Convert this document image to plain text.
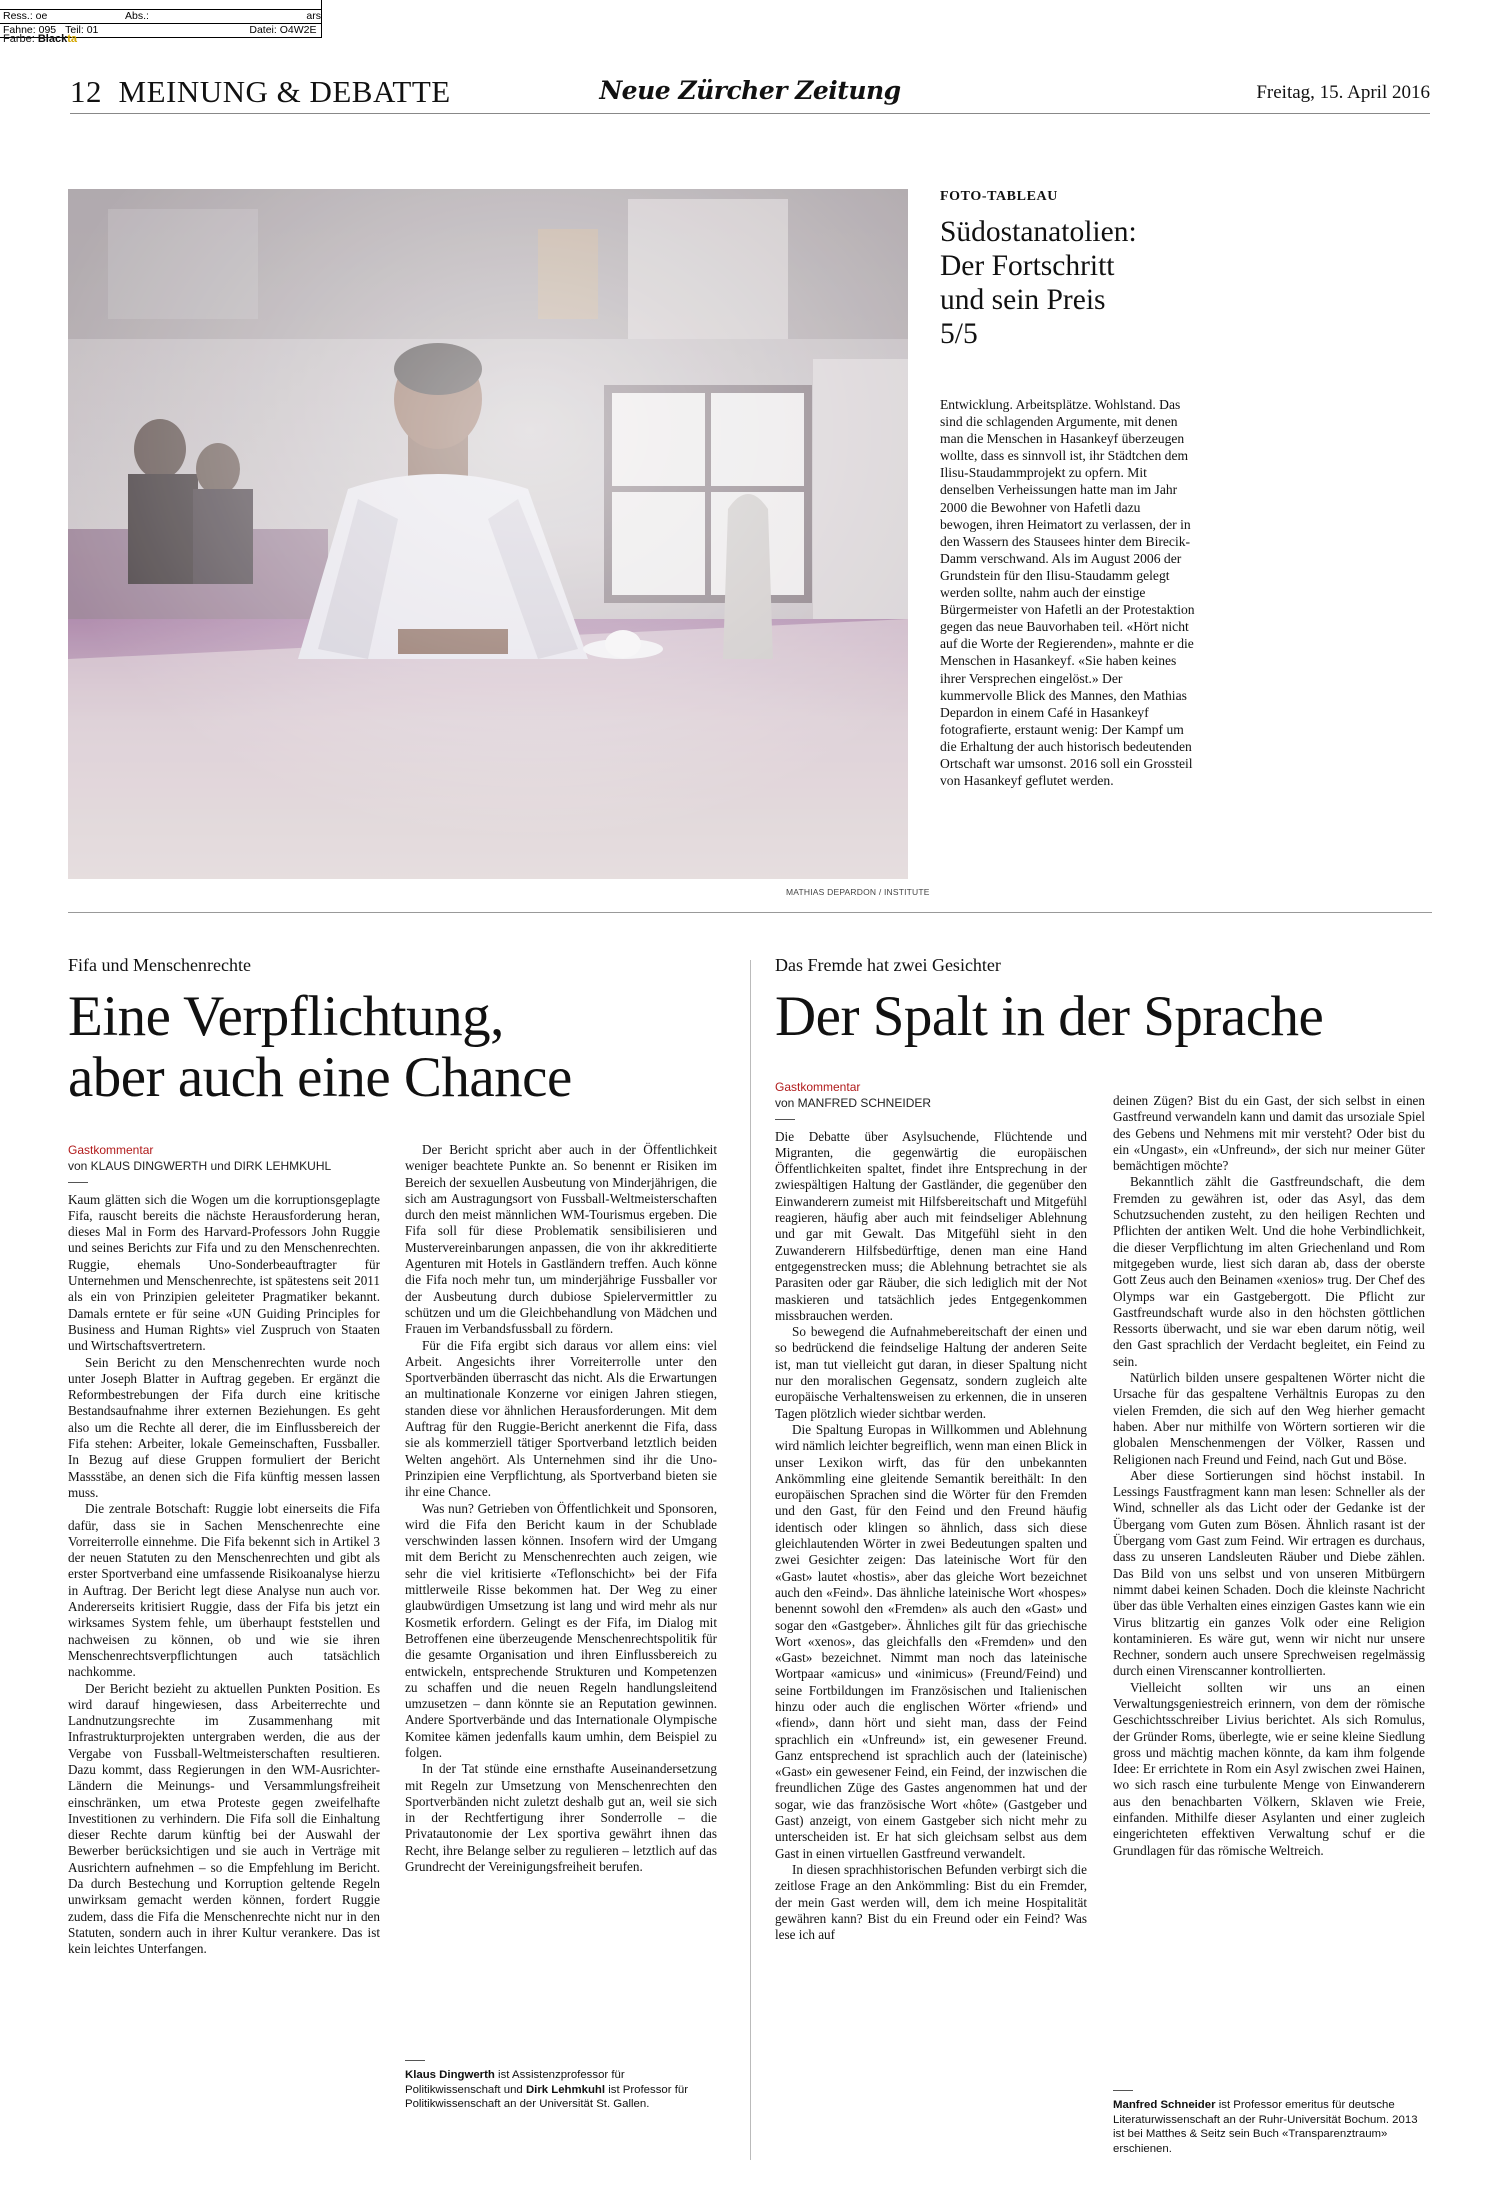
Ress.: oe	Abs.:	ars
Fahne: 095 Teil: 01	Datei: O4W2E
Farbe: Blackta
12  MEINUNG & DEBATTE	Neue Zürcher Zeitung	Freitag, 15. April 2016
MATHIAS DEPARDON / INSTITUTE
FOTO-TABLEAU
Südostanatolien:
Der Fortschritt
und sein Preis
5/5

Entwicklung. Arbeitsplätze. Wohlstand. Das sind die schlagenden Argumente, mit denen man die Menschen in Hasankeyf überzeugen wollte, dass es sinnvoll ist, ihr Städtchen dem Ilisu-Staudammprojekt zu opfern. Mit denselben Verheissungen hatte man im Jahr 2000 die Bewohner von Hafetli dazu bewogen, ihren Heimatort zu verlassen, der in den Wassern des Stausees hinter dem Birecik-Damm verschwand. Als im August 2006 der Grundstein für den Ilisu-Staudamm gelegt werden sollte, nahm auch der einstige Bürgermeister von Hafetli an der Protestaktion gegen das neue Bauvorhaben teil. «Hört nicht auf die Worte der Regierenden», mahnte er die Menschen in Hasankeyf. «Sie haben keines ihrer Versprechen eingelöst.» Der kummervolle Blick des Mannes, den Mathias Depardon in einem Café in Hasankeyf fotografierte, erstaunt wenig: Der Kampf um die Erhaltung der auch historisch bedeutenden Ortschaft war umsonst. 2016 soll ein Grossteil von Hasankeyf geflutet werden.

Fifa und Menschenrechte
Eine Verpflichtung,
aber auch eine Chance
Gastkommentar
von KLAUS DINGWERTH und DIRK LEHMKUHL

Kaum glätten sich die Wogen um die korruptionsgeplagte Fifa, rauscht bereits die nächste Herausforderung heran, dieses Mal in Form des Harvard-Professors John Ruggie und seines Berichts zur Fifa und zu den Menschenrechten. Ruggie, ehemals Uno-Sonderbeauftragter für Unternehmen und Menschenrechte, ist spätestens seit 2011 als ein von Prinzipien geleiteter Pragmatiker bekannt. Damals erntete er für seine «UN Guiding Principles for Business and Human Rights» viel Zuspruch von Staaten und Wirtschaftsvertretern.

Sein Bericht zu den Menschenrechten wurde noch unter Joseph Blatter in Auftrag gegeben. Er ergänzt die Reformbestrebungen der Fifa durch eine kritische Bestandsaufnahme ihrer externen Beziehungen. Es geht also um die Rechte all derer, die im Einflussbereich der Fifa stehen: Arbeiter, lokale Gemeinschaften, Fussballer. In Bezug auf diese Gruppen formuliert der Bericht Massstäbe, an denen sich die Fifa künftig messen lassen muss.

Die zentrale Botschaft: Ruggie lobt einerseits die Fifa dafür, dass sie in Sachen Menschenrechte eine Vorreiterrolle einnehme. Die Fifa bekennt sich in Artikel 3 der neuen Statuten zu den Menschenrechten und gibt als erster Sportverband eine umfassende Risikoanalyse hierzu in Auftrag. Der Bericht legt diese Analyse nun auch vor. Andererseits kritisiert Ruggie, dass der Fifa bis jetzt ein wirksames System fehle, um überhaupt feststellen und nachweisen zu können, ob und wie sie ihren Menschenrechtsverpflichtungen auch tatsächlich nachkomme.

Der Bericht bezieht zu aktuellen Punkten Position. Es wird darauf hingewiesen, dass Arbeiterrechte und Landnutzungsrechte im Zusammenhang mit Infrastrukturprojekten untergraben werden, die aus der Vergabe von Fussball-Weltmeisterschaften resultieren. Dazu kommt, dass Regierungen in den WM-Ausrichter-Ländern die Meinungs- und Versammlungsfreiheit einschränken, um etwa Proteste gegen zweifelhafte Investitionen zu verhindern. Die Fifa soll die Einhaltung dieser Rechte darum künftig bei der Auswahl der Bewerber berücksichtigen und sie auch in Verträge mit Ausrichtern aufnehmen – so die Empfehlung im Bericht. Da durch Bestechung und Korruption geltende Regeln unwirksam gemacht werden können, fordert Ruggie zudem, dass die Fifa die Menschenrechte nicht nur in den Statuten, sondern auch in ihrer Kultur verankere. Das ist kein leichtes Unterfangen.

Der Bericht spricht aber auch in der Öffentlichkeit weniger beachtete Punkte an. So benennt er Risiken im Bereich der sexuellen Ausbeutung von Minderjährigen, die sich am Austragungsort von Fussball-Weltmeisterschaften durch den meist männlichen WM-Tourismus ergeben. Die Fifa soll für diese Problematik sensibilisieren und Mustervereinbarungen anpassen, die von ihr akkreditierte Agenturen mit Hotels in Gastländern treffen. Auch könne die Fifa noch mehr tun, um minderjährige Fussballer vor der Ausbeutung durch dubiose Spielervermittler zu schützen und um die Gleichbehandlung von Mädchen und Frauen im Verbandsfussball zu fördern.

Für die Fifa ergibt sich daraus vor allem eins: viel Arbeit. Angesichts ihrer Vorreiterrolle unter den Sportverbänden überrascht das nicht. Als die Erwartungen an multinationale Konzerne vor einigen Jahren stiegen, standen diese vor ähnlichen Herausforderungen. Mit dem Auftrag für den Ruggie-Bericht anerkennt die Fifa, dass sie als kommerziell tätiger Sportverband letztlich beiden Welten angehört. Als Unternehmen sind ihr die Uno-Prinzipien eine Verpflichtung, als Sportverband bieten sie ihr eine Chance.

Was nun? Getrieben von Öffentlichkeit und Sponsoren, wird die Fifa den Bericht kaum in der Schublade verschwinden lassen können. Insofern wird der Umgang mit dem Bericht zu Menschenrechten auch zeigen, wie sehr die viel kritisierte «Teflonschicht» bei der Fifa mittlerweile Risse bekommen hat. Der Weg zu einer glaubwürdigen Umsetzung ist lang und wird mehr als nur Kosmetik erfordern. Gelingt es der Fifa, im Dialog mit Betroffenen eine überzeugende Menschenrechtspolitik für die gesamte Organisation und ihren Einflussbereich zu entwickeln, entsprechende Strukturen und Kompetenzen zu schaffen und die neuen Regeln handlungsleitend umzusetzen – dann könnte sie an Reputation gewinnen. Andere Sportverbände und das Internationale Olympische Komitee kämen jedenfalls kaum umhin, dem Beispiel zu folgen.

In der Tat stünde eine ernsthafte Auseinandersetzung mit Regeln zur Umsetzung von Menschenrechten den Sportverbänden nicht zuletzt deshalb gut an, weil sie sich in der Rechtfertigung ihrer Sonderrolle – die Privatautonomie der Lex sportiva gewährt ihnen das Recht, ihre Belange selber zu regulieren – letztlich auf das Grundrecht der Vereinigungsfreiheit berufen.

Klaus Dingwerth ist Assistenzprofessor für Politikwissenschaft und Dirk Lehmkuhl ist Professor für Politikwissenschaft an der Universität St. Gallen.
Das Fremde hat zwei Gesichter
Der Spalt in der Sprache
Gastkommentar
von MANFRED SCHNEIDER

Die Debatte über Asylsuchende, Flüchtende und Migranten, die gegenwärtig die europäischen Öffentlichkeiten spaltet, findet ihre Entsprechung in der zwiespältigen Haltung der Gastländer, die gegenüber den Einwanderern zumeist mit Hilfsbereitschaft und Mitgefühl reagieren, häufig aber auch mit feindseliger Ablehnung und gar mit Gewalt. Das Mitgefühl sieht in den Zuwanderern Hilfsbedürftige, denen man eine Hand entgegenstrecken muss; die Ablehnung betrachtet sie als Parasiten oder gar Räuber, die sich lediglich mit der Not maskieren und tatsächlich jedes Entgegenkommen missbrauchen werden.

So bewegend die Aufnahmebereitschaft der einen und so bedrückend die feindselige Haltung der anderen Seite ist, man tut vielleicht gut daran, in dieser Spaltung nicht nur den moralischen Gegensatz, sondern zugleich alte europäische Verhaltensweisen zu erkennen, die in unseren Tagen plötzlich wieder sichtbar werden.

Die Spaltung Europas in Willkommen und Ablehnung wird nämlich leichter begreiflich, wenn man einen Blick in unser Lexikon wirft, das für den unbekannten Ankömmling eine gleitende Semantik bereithält: In den europäischen Sprachen sind die Wörter für den Fremden und den Gast, für den Feind und den Freund häufig identisch oder klingen so ähnlich, dass sich diese gleichlautenden Wörter in zwei Bedeutungen spalten und zwei Gesichter zeigen: Das lateinische Wort für den «Gast» lautet «hostis», aber das gleiche Wort bezeichnet auch den «Feind». Das ähnliche lateinische Wort «hospes» benennt sowohl den «Fremden» als auch den «Gast» und sogar den «Gastgeber». Ähnliches gilt für das griechische Wort «xenos», das gleichfalls den «Fremden» und den «Gast» bezeichnet. Nimmt man noch das lateinische Wortpaar «amicus» und «inimicus» (Freund/Feind) und seine Fortbildungen im Französischen und Italienischen hinzu oder auch die englischen Wörter «friend» und «fiend», dann hört und sieht man, dass der Feind sprachlich ein «Unfreund» ist, ein gewesener Freund. Ganz entsprechend ist sprachlich auch der (lateinische) «Gast» ein gewesener Feind, ein Feind, der inzwischen die freundlichen Züge des Gastes angenommen hat und der sogar, wie das französische Wort «hôte» (Gastgeber und Gast) anzeigt, von einem Gastgeber sich nicht mehr zu unterscheiden ist. Er hat sich gleichsam selbst aus dem Gast in einen virtuellen Gastfreund verwandelt.

In diesen sprachhistorischen Befunden verbirgt sich die zeitlose Frage an den Ankömmling: Bist du ein Fremder, der mein Gast werden will, dem ich meine Hospitalität gewähren kann? Bist du ein Freund oder ein Feind? Was lese ich auf

deinen Zügen? Bist du ein Gast, der sich selbst in einen Gastfreund verwandeln kann und damit das ursoziale Spiel des Gebens und Nehmens mit mir versteht? Oder bist du ein «Ungast», ein «Unfreund», der sich nur meiner Güter bemächtigen möchte?

Bekanntlich zählt die Gastfreundschaft, die dem Fremden zu gewähren ist, oder das Asyl, das dem Schutzsuchenden zusteht, zu den heiligen Rechten und Pflichten der antiken Welt. Und die hohe Verbindlichkeit, die dieser Verpflichtung im alten Griechenland und Rom mitgegeben wurde, liest sich daran ab, dass der oberste Gott Zeus auch den Beinamen «xenios» trug. Der Chef des Olymps war ein Gastgebergott. Die Pflicht zur Gastfreundschaft wurde also in den höchsten göttlichen Ressorts überwacht, und sie war eben darum nötig, weil den Gast sprachlich der Verdacht begleitet, ein Feind zu sein.

Natürlich bilden unsere gespaltenen Wörter nicht die Ursache für das gespaltene Verhältnis Europas zu den vielen Fremden, die sich auf den Weg hierher gemacht haben. Aber nur mithilfe von Wörtern sortieren wir die globalen Menschenmengen der Völker, Rassen und Religionen nach Freund und Feind, nach Gut und Böse.

Aber diese Sortierungen sind höchst instabil. In Lessings Faustfragment kann man lesen: Schneller als der Wind, schneller als das Licht oder der Gedanke ist der Übergang vom Guten zum Bösen. Ähnlich rasant ist der Übergang vom Gast zum Feind. Wir ertragen es durchaus, dass zu unseren Landsleuten Räuber und Diebe zählen. Das Bild von uns selbst und von unseren Mitbürgern nimmt dabei keinen Schaden. Doch die kleinste Nachricht über das üble Verhalten eines einzigen Gastes kann wie ein Virus blitzartig ein ganzes Volk oder eine Religion kontaminieren. Es wäre gut, wenn wir nicht nur unsere Rechner, sondern auch unsere Sprechweisen regelmässig durch einen Virenscanner kontrollierten.

Vielleicht sollten wir uns an einen Verwaltungsgeniestreich erinnern, von dem der römische Geschichtsschreiber Livius berichtet. Als sich Romulus, der Gründer Roms, überlegte, wie er seine kleine Siedlung gross und mächtig machen könnte, da kam ihm folgende Idee: Er errichtete in Rom ein Asyl zwischen zwei Hainen, wo sich rasch eine turbulente Menge von Einwanderern aus den benachbarten Völkern, Sklaven wie Freie, einfanden. Mithilfe dieser Asylanten und einer zugleich eingerichteten effektiven Verwaltung schuf er die Grundlagen für das römische Weltreich.

Manfred Schneider ist Professor emeritus für deutsche Literaturwissenschaft an der Ruhr-Universität Bochum. 2013 ist bei Matthes & Seitz sein Buch «Transparenztraum» erschienen.
